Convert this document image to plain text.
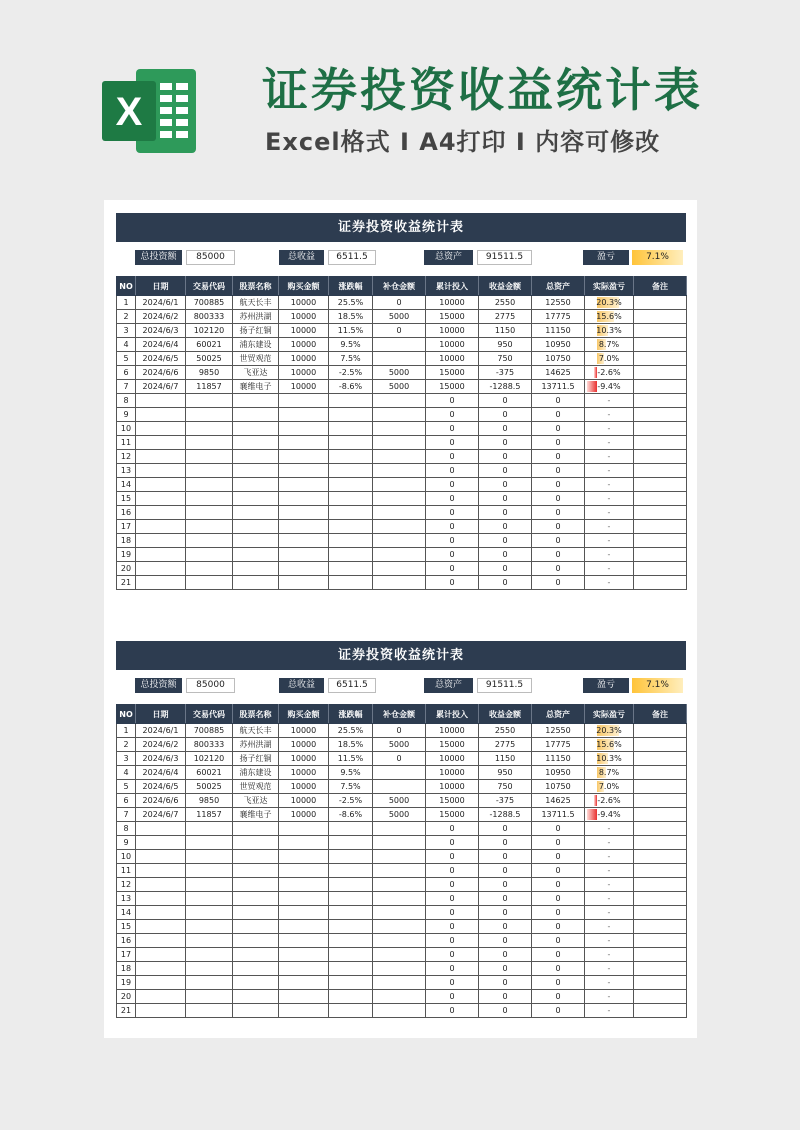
X	证券投资收益统计表
Excel格式 I A4打印 I 内容可修改
证券投资收益统计表
总投资额	85000	总收益	6511.5	总资产	91511.5	盈亏	7.1%
NO	日期	交易代码	股票名称	购买金额	涨跌幅	补仓金额	累计投入	收益金额	总资产	实际盈亏	备注
1	2024/6/1	700885	航天长丰	10000	25.5%	0	10000	2550	12550	20.3%	
2	2024/6/2	800333	苏州洪湖	10000	18.5%	5000	15000	2775	17775	15.6%	
3	2024/6/3	102120	扬子红铜	10000	11.5%	0	10000	1150	11150	10.3%	
4	2024/6/4	60021	浦东建设	10000	9.5%		10000	950	10950	8.7%	
5	2024/6/5	50025	世贸观范	10000	7.5%		10000	750	10750	7.0%	
6	2024/6/6	9850	飞亚达	10000	-2.5%	5000	15000	-375	14625	-2.6%	
7	2024/6/7	11857	襄维电子	10000	-8.6%	5000	15000	-1288.5	13711.5	-9.4%	
8							0	0	0	-	
9							0	0	0	-	
10							0	0	0	-	
11							0	0	0	-	
12							0	0	0	-	
13							0	0	0	-	
14							0	0	0	-	
15							0	0	0	-	
16							0	0	0	-	
17							0	0	0	-	
18							0	0	0	-	
19							0	0	0	-	
20							0	0	0	-	
21							0	0	0	-	
证券投资收益统计表
总投资额	85000	总收益	6511.5	总资产	91511.5	盈亏	7.1%
NO	日期	交易代码	股票名称	购买金额	涨跌幅	补仓金额	累计投入	收益金额	总资产	实际盈亏	备注
1	2024/6/1	700885	航天长丰	10000	25.5%	0	10000	2550	12550	20.3%	
2	2024/6/2	800333	苏州洪湖	10000	18.5%	5000	15000	2775	17775	15.6%	
3	2024/6/3	102120	扬子红铜	10000	11.5%	0	10000	1150	11150	10.3%	
4	2024/6/4	60021	浦东建设	10000	9.5%		10000	950	10950	8.7%	
5	2024/6/5	50025	世贸观范	10000	7.5%		10000	750	10750	7.0%	
6	2024/6/6	9850	飞亚达	10000	-2.5%	5000	15000	-375	14625	-2.6%	
7	2024/6/7	11857	襄维电子	10000	-8.6%	5000	15000	-1288.5	13711.5	-9.4%	
8							0	0	0	-	
9							0	0	0	-	
10							0	0	0	-	
11							0	0	0	-	
12							0	0	0	-	
13							0	0	0	-	
14							0	0	0	-	
15							0	0	0	-	
16							0	0	0	-	
17							0	0	0	-	
18							0	0	0	-	
19							0	0	0	-	
20							0	0	0	-	
21							0	0	0	-	
